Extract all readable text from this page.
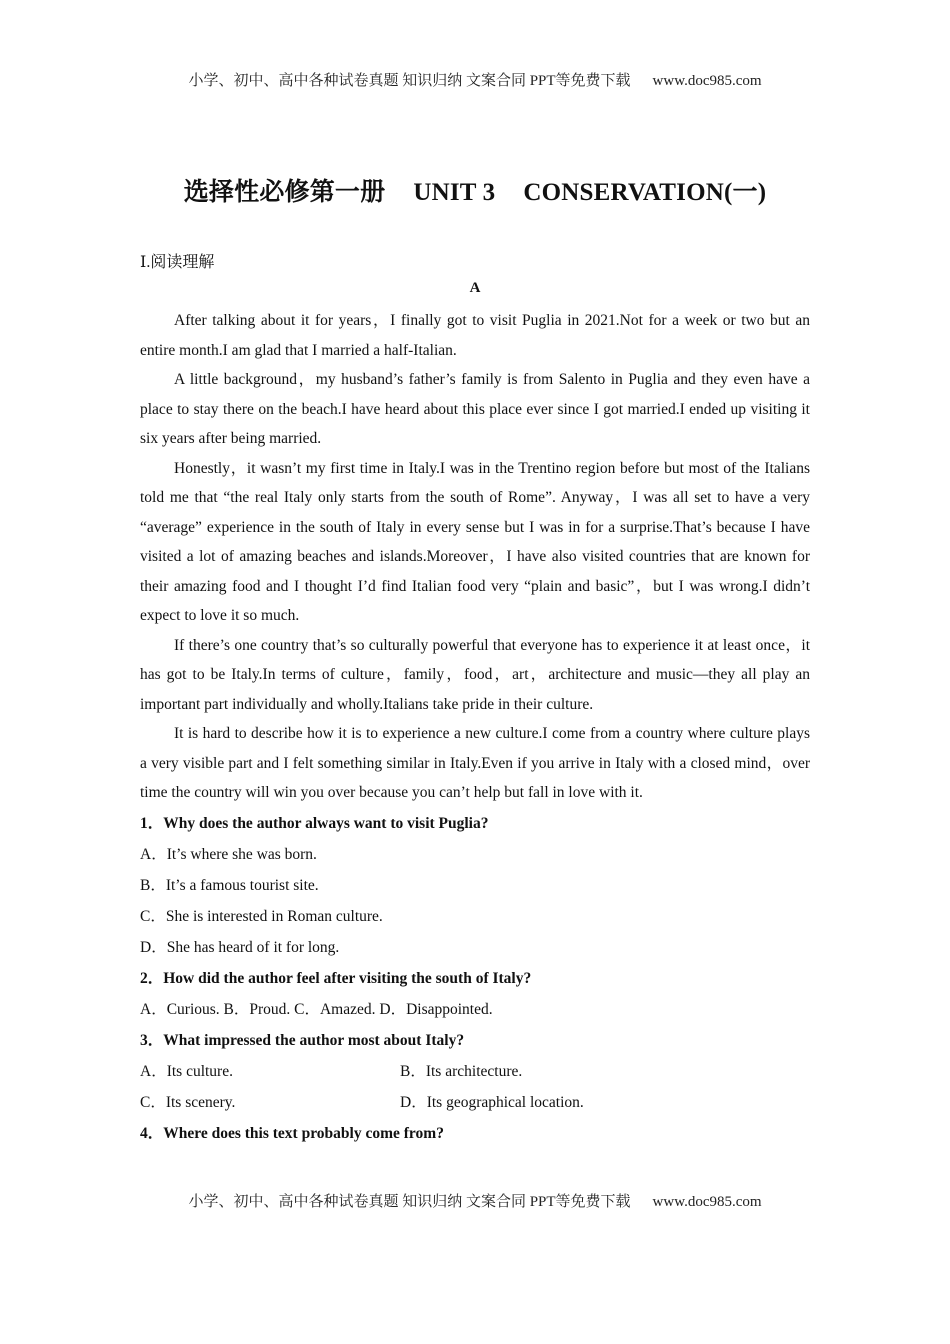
小学、初中、高中各种试卷真题 知识归纳 文案合同 PPT等免费下载 www.doc985.com
选择性必修第一册 UNIT 3 CONSERVATION(一)
Ⅰ.阅读理解
A

After talking about it for years，I finally got to visit Puglia in 2021.Not for a week or two but an entire month.I am glad that I married a half-Italian.

A little background，my husband’s father’s family is from Salento in Puglia and they even have a place to stay there on the beach.I have heard about this place ever since I got married.I ended up visiting it six years after being married.

Honestly，it wasn’t my first time in Italy.I was in the Trentino region before but most of the Italians told me that “the real Italy only starts from the south of Rome”. Anyway，I was all set to have a very “average” experience in the south of Italy in every sense but I was in for a surprise.That’s because I have visited a lot of amazing beaches and islands.Moreover，I have also visited countries that are known for their amazing food and I thought I’d find Italian food very “plain and basic”，but I was wrong.I didn’t expect to love it so much.

If there’s one country that’s so culturally powerful that everyone has to experience it at least once，it has got to be Italy.In terms of culture，family，food，art，architecture and music—they all play an important part individually and wholly.Italians take pride in their culture.

It is hard to describe how it is to experience a new culture.I come from a country where culture plays a very visible part and I felt something similar in Italy.Even if you arrive in Italy with a closed mind，over time the country will win you over because you can’t help but fall in love with it.

1．Why does the author always want to visit Puglia?

A．It’s where she was born.

B．It’s a famous tourist site.

C．She is interested in Roman culture.

D．She has heard of it for long.

2．How did the author feel after visiting the south of Italy?

A．Curious. B．Proud. C．Amazed. D．Disappointed.

3．What impressed the author most about Italy?

A．Its culture.	B．Its architecture.

C．Its scenery.	D．Its geographical location.

4．Where does this text probably come from?

小学、初中、高中各种试卷真题 知识归纳 文案合同 PPT等免费下载 www.doc985.com
